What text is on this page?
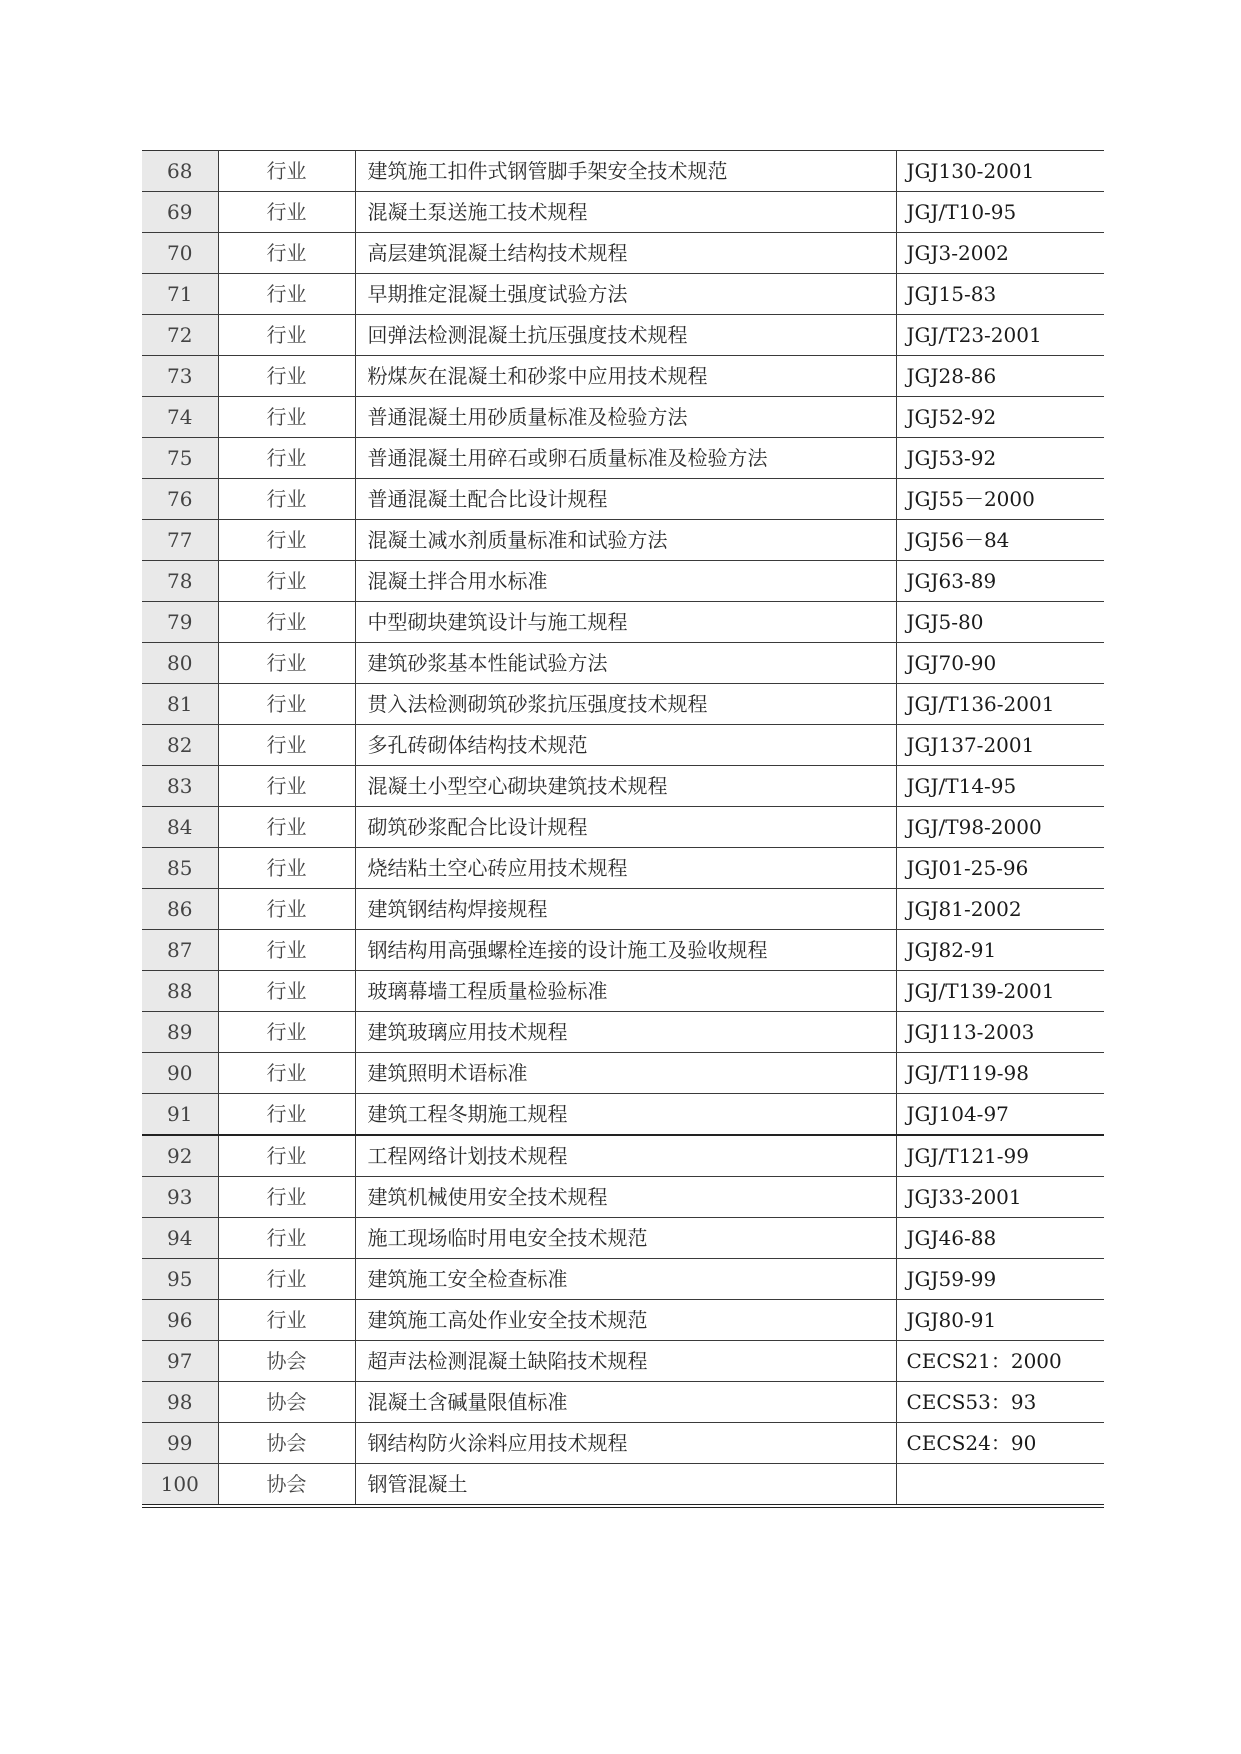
68	行业	建筑施工扣件式钢管脚手架安全技术规范	JGJ130-2001
69	行业	混凝土泵送施工技术规程	JGJ/T10-95
70	行业	高层建筑混凝土结构技术规程	JGJ3-2002
71	行业	早期推定混凝土强度试验方法	JGJ15-83
72	行业	回弹法检测混凝土抗压强度技术规程	JGJ/T23-2001
73	行业	粉煤灰在混凝土和砂浆中应用技术规程	JGJ28-86
74	行业	普通混凝土用砂质量标准及检验方法	JGJ52-92
75	行业	普通混凝土用碎石或卵石质量标准及检验方法	JGJ53-92
76	行业	普通混凝土配合比设计规程	JGJ55－2000
77	行业	混凝土减水剂质量标准和试验方法	JGJ56－84
78	行业	混凝土拌合用水标准	JGJ63-89
79	行业	中型砌块建筑设计与施工规程	JGJ5-80
80	行业	建筑砂浆基本性能试验方法	JGJ70-90
81	行业	贯入法检测砌筑砂浆抗压强度技术规程	JGJ/T136-2001
82	行业	多孔砖砌体结构技术规范	JGJ137-2001
83	行业	混凝土小型空心砌块建筑技术规程	JGJ/T14-95
84	行业	砌筑砂浆配合比设计规程	JGJ/T98-2000
85	行业	烧结粘土空心砖应用技术规程	JGJ01-25-96
86	行业	建筑钢结构焊接规程	JGJ81-2002
87	行业	钢结构用高强螺栓连接的设计施工及验收规程	JGJ82-91
88	行业	玻璃幕墙工程质量检验标准	JGJ/T139-2001
89	行业	建筑玻璃应用技术规程	JGJ113-2003
90	行业	建筑照明术语标准	JGJ/T119-98
91	行业	建筑工程冬期施工规程	JGJ104-97
92	行业	工程网络计划技术规程	JGJ/T121-99
93	行业	建筑机械使用安全技术规程	JGJ33-2001
94	行业	施工现场临时用电安全技术规范	JGJ46-88
95	行业	建筑施工安全检查标准	JGJ59-99
96	行业	建筑施工高处作业安全技术规范	JGJ80-91
97	协会	超声法检测混凝土缺陷技术规程	CECS21：2000
98	协会	混凝土含碱量限值标准	CECS53：93
99	协会	钢结构防火涂料应用技术规程	CECS24：90
100	协会	钢管混凝土	
